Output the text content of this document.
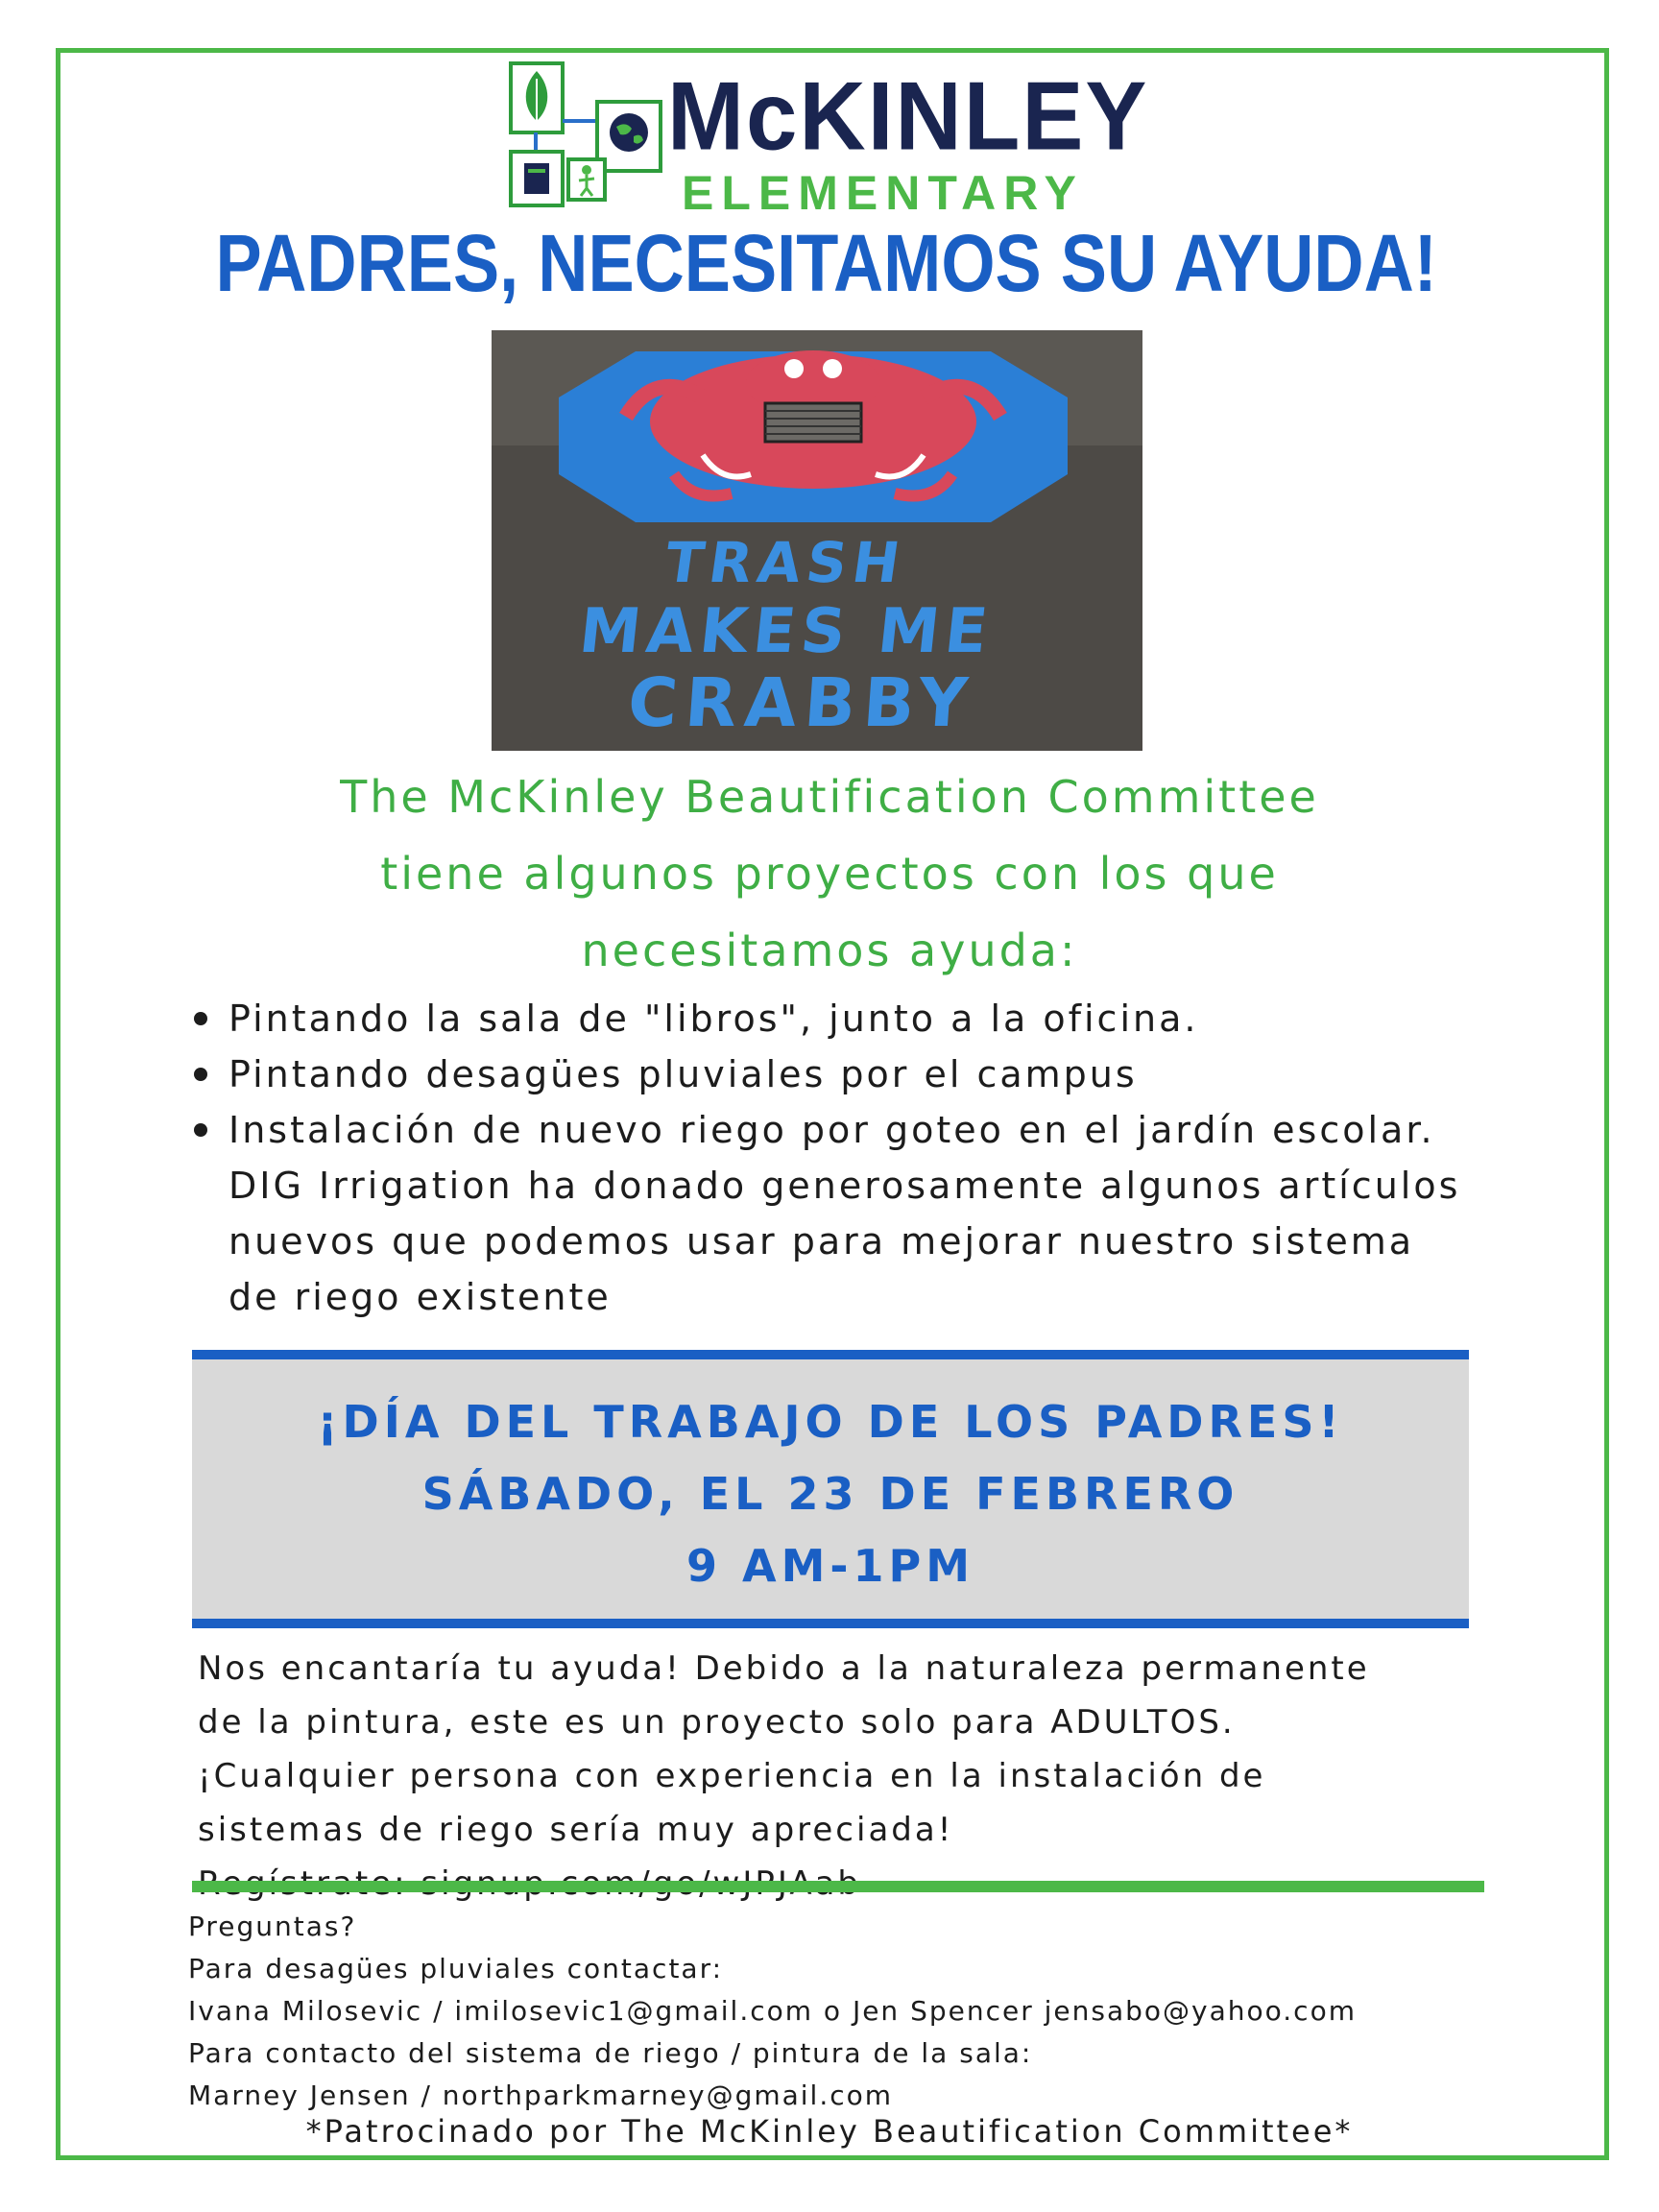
McKINLEY
ELEMENTARY
PADRES, NECESITAMOS SU AYUDA!
TRASH
MAKES ME
CRABBY
The McKinley Beautification Committee
tiene algunos proyectos con los que
necesitamos ayuda:
Pintando la sala de "libros", junto a la oficina.
Pintando desagües pluviales por el campus
Instalación de nuevo riego por goteo en el jardín escolar. DIG Irrigation ha donado generosamente algunos artículos nuevos que podemos usar para mejorar nuestro sistema de riego existente
¡DÍA DEL TRABAJO DE LOS PADRES!
SÁBADO, EL 23 DE FEBRERO
9 AM-1PM
Nos encantaría tu ayuda! Debido a la naturaleza permanente
de la pintura, este es un proyecto solo para ADULTOS.
¡Cualquier persona con experiencia en la instalación de
sistemas de riego sería muy apreciada!
Preguntas?
Para desagües pluviales contactar:
Ivana Milosevic / imilosevic1@gmail.com o Jen Spencer jensabo@yahoo.com
Para contacto del sistema de riego / pintura de la sala:
Marney Jensen / northparkmarney@gmail.com
*Patrocinado por The McKinley Beautification Committee*
